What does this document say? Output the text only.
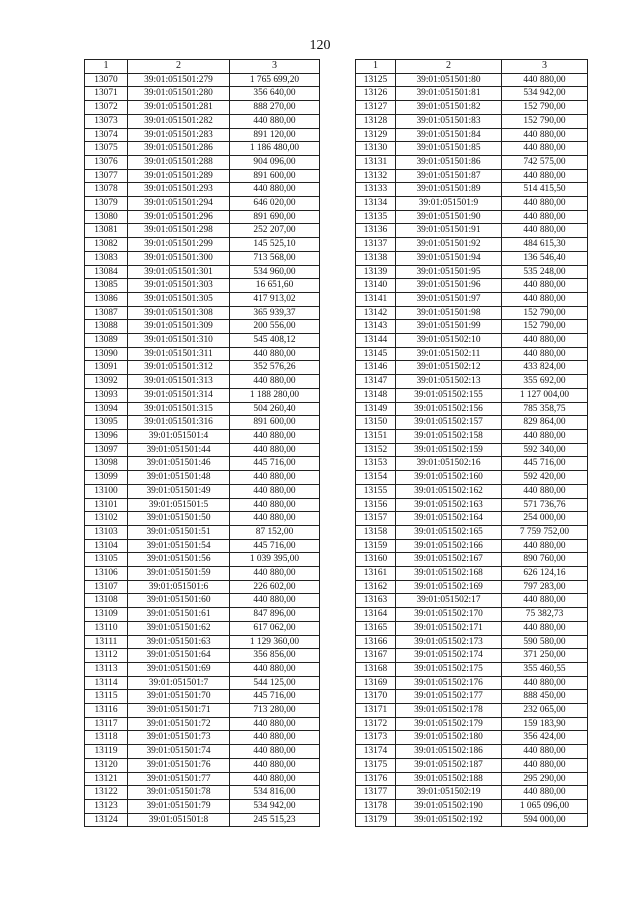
120
1	2	3
13070	39:01:051501:279	1 765 699,20
13071	39:01:051501:280	356 640,00
13072	39:01:051501:281	888 270,00
13073	39:01:051501:282	440 880,00
13074	39:01:051501:283	891 120,00
13075	39:01:051501:286	1 186 480,00
13076	39:01:051501:288	904 096,00
13077	39:01:051501:289	891 600,00
13078	39:01:051501:293	440 880,00
13079	39:01:051501:294	646 020,00
13080	39:01:051501:296	891 690,00
13081	39:01:051501:298	252 207,00
13082	39:01:051501:299	145 525,10
13083	39:01:051501:300	713 568,00
13084	39:01:051501:301	534 960,00
13085	39:01:051501:303	16 651,60
13086	39:01:051501:305	417 913,02
13087	39:01:051501:308	365 939,37
13088	39:01:051501:309	200 556,00
13089	39:01:051501:310	545 408,12
13090	39:01:051501:311	440 880,00
13091	39:01:051501:312	352 576,26
13092	39:01:051501:313	440 880,00
13093	39:01:051501:314	1 188 280,00
13094	39:01:051501:315	504 260,40
13095	39:01:051501:316	891 600,00
13096	39:01:051501:4	440 880,00
13097	39:01:051501:44	440 880,00
13098	39:01:051501:46	445 716,00
13099	39:01:051501:48	440 880,00
13100	39:01:051501:49	440 880,00
13101	39:01:051501:5	440 880,00
13102	39:01:051501:50	440 880,00
13103	39:01:051501:51	87 152,00
13104	39:01:051501:54	445 716,00
13105	39:01:051501:56	1 039 395,00
13106	39:01:051501:59	440 880,00
13107	39:01:051501:6	226 602,00
13108	39:01:051501:60	440 880,00
13109	39:01:051501:61	847 896,00
13110	39:01:051501:62	617 062,00
13111	39:01:051501:63	1 129 360,00
13112	39:01:051501:64	356 856,00
13113	39:01:051501:69	440 880,00
13114	39:01:051501:7	544 125,00
13115	39:01:051501:70	445 716,00
13116	39:01:051501:71	713 280,00
13117	39:01:051501:72	440 880,00
13118	39:01:051501:73	440 880,00
13119	39:01:051501:74	440 880,00
13120	39:01:051501:76	440 880,00
13121	39:01:051501:77	440 880,00
13122	39:01:051501:78	534 816,00
13123	39:01:051501:79	534 942,00
13124	39:01:051501:8	245 515,23
1	2	3
13125	39:01:051501:80	440 880,00
13126	39:01:051501:81	534 942,00
13127	39:01:051501:82	152 790,00
13128	39:01:051501:83	152 790,00
13129	39:01:051501:84	440 880,00
13130	39:01:051501:85	440 880,00
13131	39:01:051501:86	742 575,00
13132	39:01:051501:87	440 880,00
13133	39:01:051501:89	514 415,50
13134	39:01:051501:9	440 880,00
13135	39:01:051501:90	440 880,00
13136	39:01:051501:91	440 880,00
13137	39:01:051501:92	484 615,30
13138	39:01:051501:94	136 546,40
13139	39:01:051501:95	535 248,00
13140	39:01:051501:96	440 880,00
13141	39:01:051501:97	440 880,00
13142	39:01:051501:98	152 790,00
13143	39:01:051501:99	152 790,00
13144	39:01:051502:10	440 880,00
13145	39:01:051502:11	440 880,00
13146	39:01:051502:12	433 824,00
13147	39:01:051502:13	355 692,00
13148	39:01:051502:155	1 127 004,00
13149	39:01:051502:156	785 358,75
13150	39:01:051502:157	829 864,00
13151	39:01:051502:158	440 880,00
13152	39:01:051502:159	592 340,00
13153	39:01:051502:16	445 716,00
13154	39:01:051502:160	592 420,00
13155	39:01:051502:162	440 880,00
13156	39:01:051502:163	571 736,76
13157	39:01:051502:164	254 000,00
13158	39:01:051502:165	7 759 752,00
13159	39:01:051502:166	440 880,00
13160	39:01:051502:167	890 760,00
13161	39:01:051502:168	626 124,16
13162	39:01:051502:169	797 283,00
13163	39:01:051502:17	440 880,00
13164	39:01:051502:170	75 382,73
13165	39:01:051502:171	440 880,00
13166	39:01:051502:173	590 580,00
13167	39:01:051502:174	371 250,00
13168	39:01:051502:175	355 460,55
13169	39:01:051502:176	440 880,00
13170	39:01:051502:177	888 450,00
13171	39:01:051502:178	232 065,00
13172	39:01:051502:179	159 183,90
13173	39:01:051502:180	356 424,00
13174	39:01:051502:186	440 880,00
13175	39:01:051502:187	440 880,00
13176	39:01:051502:188	295 290,00
13177	39:01:051502:19	440 880,00
13178	39:01:051502:190	1 065 096,00
13179	39:01:051502:192	594 000,00
